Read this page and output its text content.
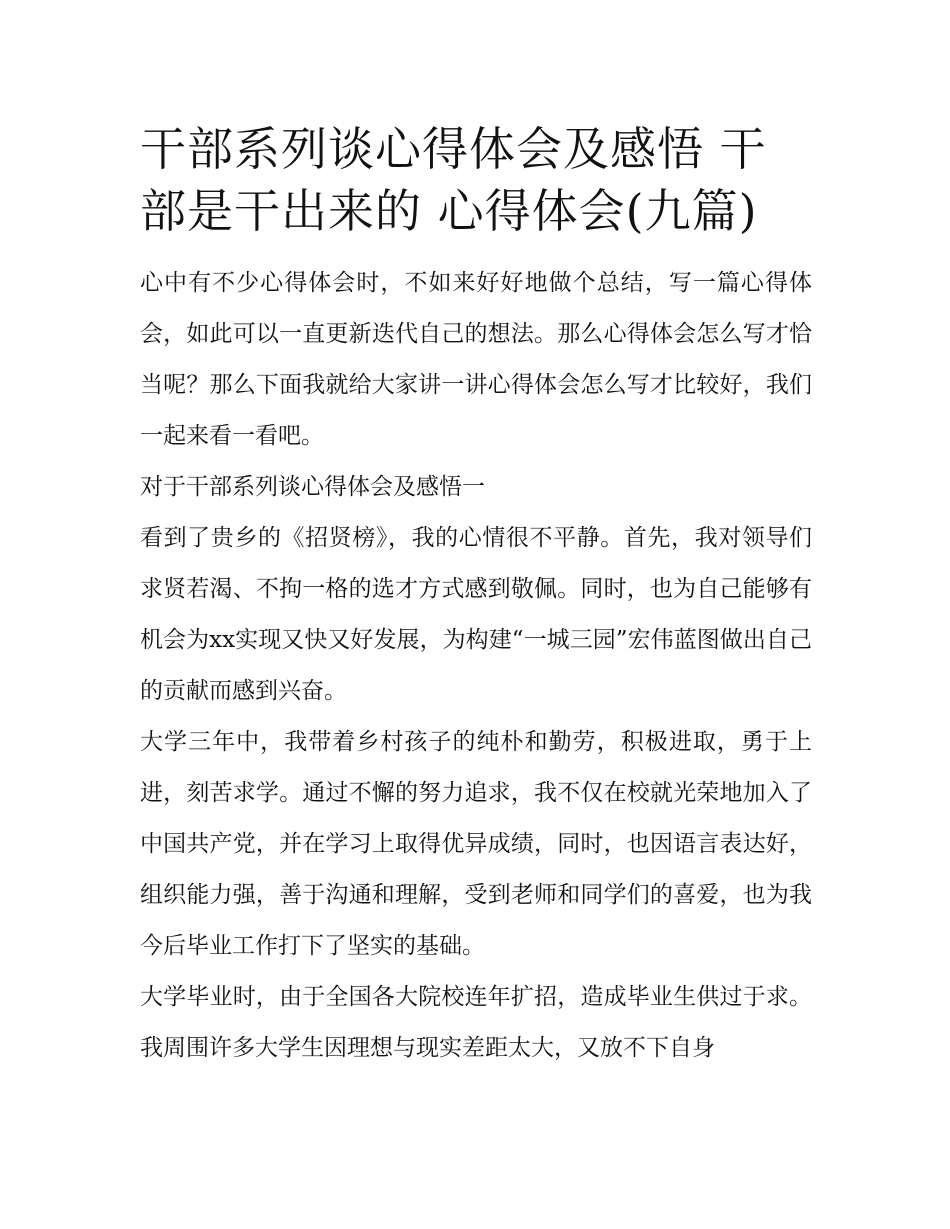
干部系列谈心得体会及感悟 干部是干出来的 心得体会(九篇)

心中有不少心得体会时，不如来好好地做个总结，写一篇心得体会，如此可以一直更新迭代自己的想法。那么心得体会怎么写才恰当呢？那么下面我就给大家讲一讲心得体会怎么写才比较好，我们一起来看一看吧。

对于干部系列谈心得体会及感悟一

看到了贵乡的《招贤榜》，我的心情很不平静。首先，我对领导们求贤若渴、不拘一格的选才方式感到敬佩。同时，也为自己能够有机会为xx实现又快又好发展，为构建“一城三园”宏伟蓝图做出自己的贡献而感到兴奋。

大学三年中，我带着乡村孩子的纯朴和勤劳，积极进取，勇于上进，刻苦求学。通过不懈的努力追求，我不仅在校就光荣地加入了中国共产党，并在学习上取得优异成绩，同时，也因语言表达好，组织能力强，善于沟通和理解，受到老师和同学们的喜爱，也为我今后毕业工作打下了坚实的基础。

大学毕业时，由于全国各大院校连年扩招，造成毕业生供过于求。我周围许多大学生因理想与现实差距太大，又放不下自身
